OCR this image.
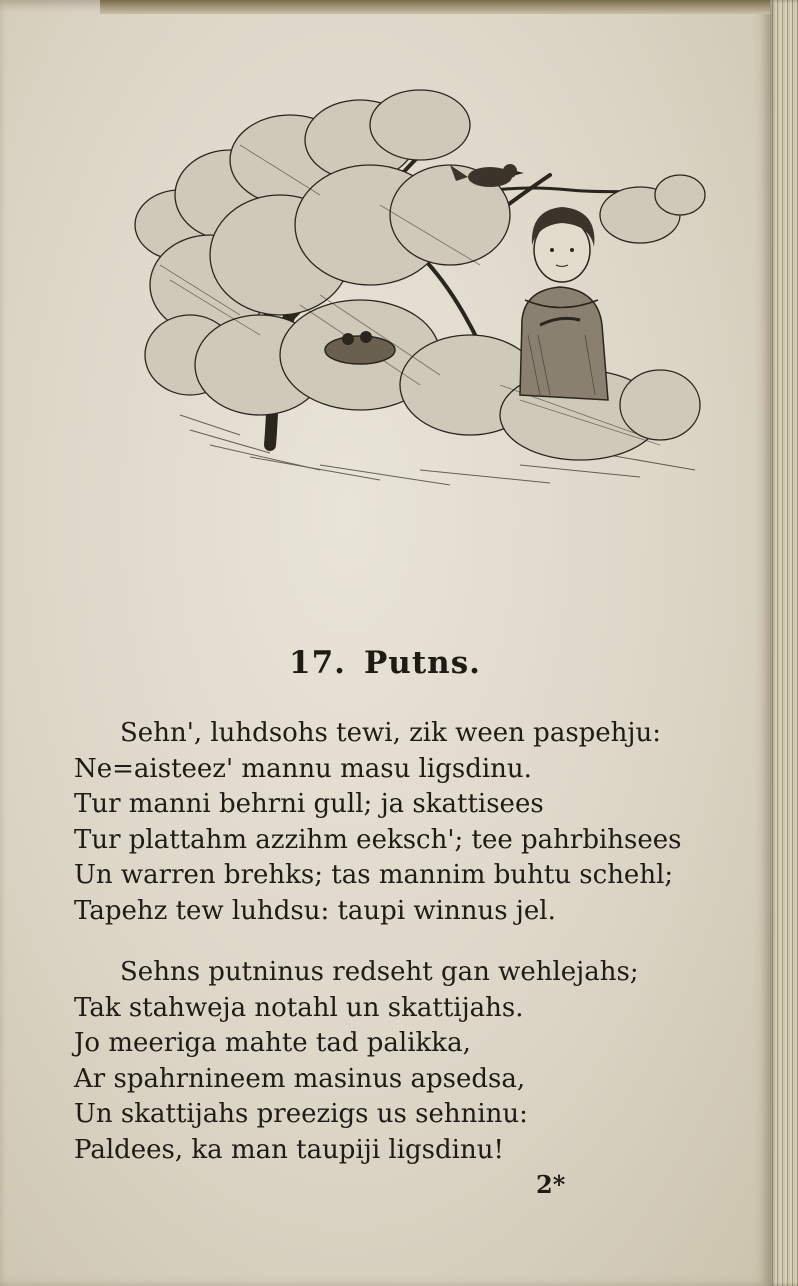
17. Putns.
Sehn', luhdsohs tewi, zik ween paspehju:
Ne=aisteez' mannu masu ligsdinu.
Tur manni behrni gull; ja skattisees
Tur plattahm azzihm eeksch'; tee pahrbihsees
Un warren brehks; tas mannim buhtu schehl;
Tapehz tew luhdsu: taupi winnus jel.
Sehns putninus redseht gan wehlejahs;
Tak stahweja notahl un skattijahs.
Jo meeriga mahte tad palikka,
Ar spahrnineem masinus apsedsa,
Un skattijahs preezigs us sehninu:
Paldees, ka man taupiji ligsdinu!
2*
